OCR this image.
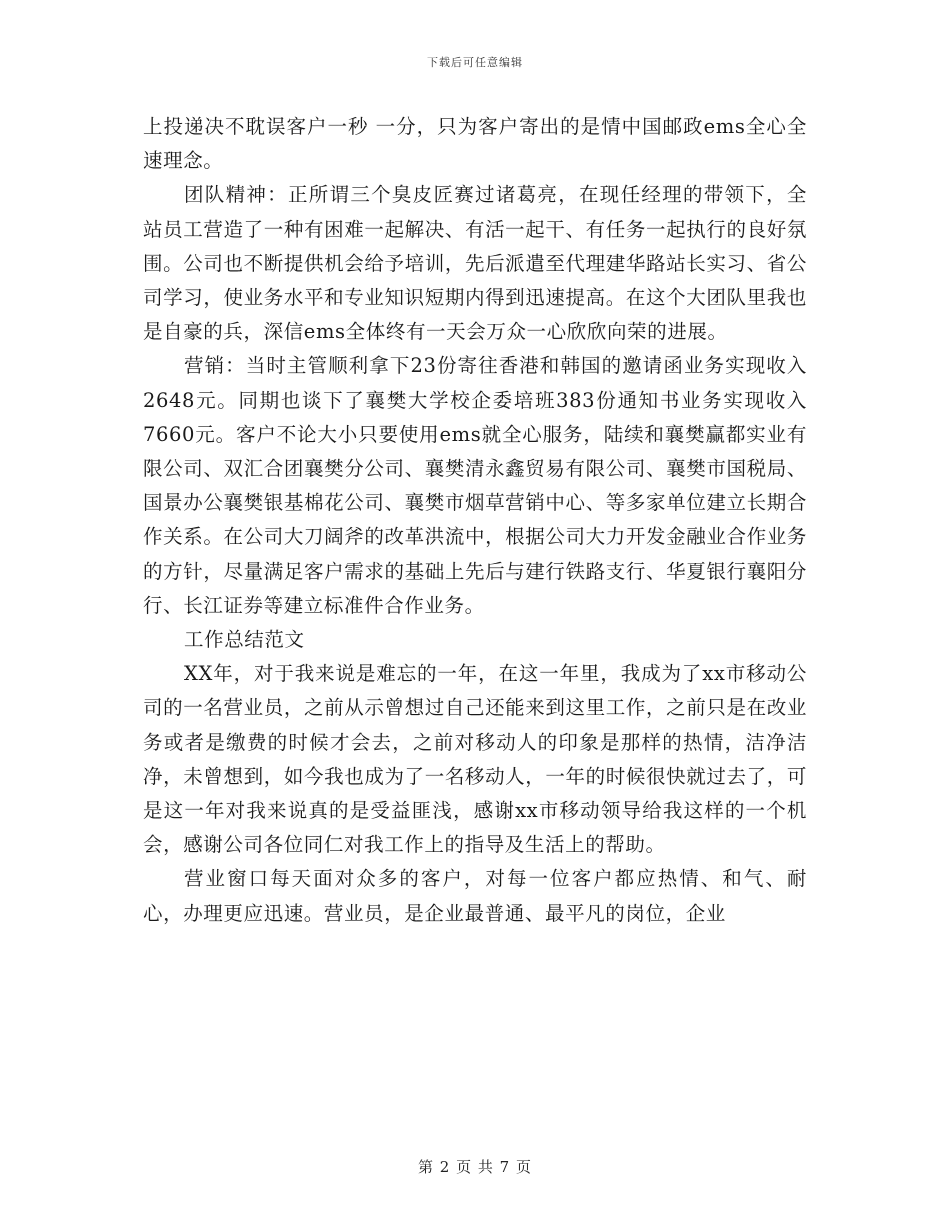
下载后可任意编辑

上投递决不耽误客户一秒 一分，只为客户寄出的是情中国邮政ems全心全速理念。

团队精神：正所谓三个臭皮匠赛过诸葛亮，在现任经理的带领下，全站员工营造了一种有困难一起解决、有活一起干、有任务一起执行的良好氛围。公司也不断提供机会给予培训，先后派遣至代理建华路站长实习、省公司学习，使业务水平和专业知识短期内得到迅速提高。在这个大团队里我也是自豪的兵，深信ems全体终有一天会万众一心欣欣向荣的进展。

营销：当时主管顺利拿下23份寄往香港和韩国的邀请函业务实现收入2648元。同期也谈下了襄樊大学校企委培班383份通知书业务实现收入7660元。客户不论大小只要使用ems就全心服务，陆续和襄樊赢都实业有限公司、双汇合团襄樊分公司、襄樊清永鑫贸易有限公司、襄樊市国税局、国景办公襄樊银基棉花公司、襄樊市烟草营销中心、等多家单位建立长期合作关系。在公司大刀阔斧的改革洪流中，根据公司大力开发金融业合作业务的方针，尽量满足客户需求的基础上先后与建行铁路支行、华夏银行襄阳分行、长江证券等建立标准件合作业务。

工作总结范文

XX年，对于我来说是难忘的一年，在这一年里，我成为了xx市移动公司的一名营业员，之前从示曾想过自己还能来到这里工作，之前只是在改业务或者是缴费的时候才会去，之前对移动人的印象是那样的热情，洁净洁净，未曾想到，如今我也成为了一名移动人，一年的时候很快就过去了，可是这一年对我来说真的是受益匪浅，感谢xx市移动领导给我这样的一个机会，感谢公司各位同仁对我工作上的指导及生活上的帮助。

营业窗口每天面对众多的客户，对每一位客户都应热情、和气、耐心，办理更应迅速。营业员，是企业最普通、最平凡的岗位，企业

第 2 页 共 7 页
